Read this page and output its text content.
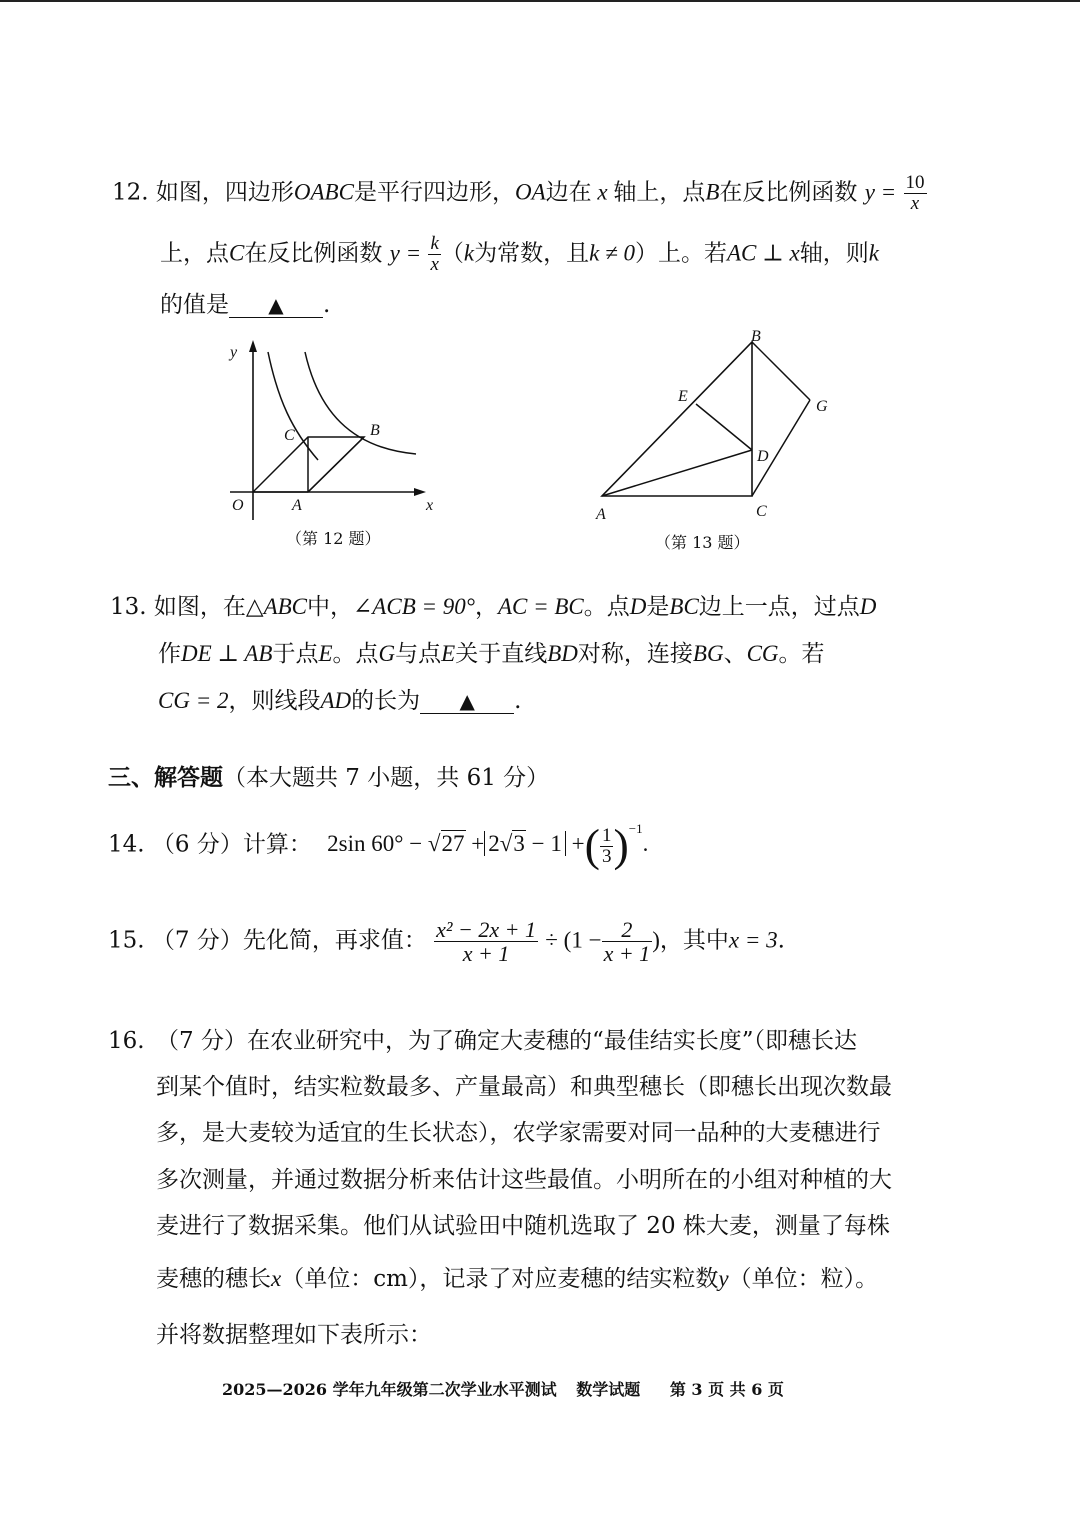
12. 如图，四边形OABC是平行四边形，OA边在 x 轴上，点B在反比例函数 $y = \frac{10}{x}$
上，点C在反比例函数 $y = \frac{k}{x} (k$为常数，且k ≠ 0）上。若AC ⊥ x轴，则k
的值是 ▲ .
y
x
O	A
B
C
（第 12 题）
B
E
G
D
A	C
（第 13 题）
13. 如图，在△ABC中，∠ACB = 90°，AC = BC。点D是BC边上一点，过点D
作DE ⊥ AB于点E。点G与点E关于直线BD对称，连接BG、CG。若
CG = 2，则线段AD的长为 ▲ .
三、解答题（本大题共 7 小题，共 61 分）
14. （6 分）计算： 2sin 60° − √27 + 2√3 − 1 +( $\frac{1}{3} )^{-1}$.
15. （7 分）先化简，再求值： $\frac{\text{x² − 2x + 1}}{x + 1} \div (1 - \frac{2}{x + 1}$ )，其中x = 3.
16. （7 分）在农业研究中，为了确定大麦穗的“最佳结实长度”（即穗长达
到某个值时，结实粒数最多、产量最高）和典型穗长（即穗长出现次数最
多，是大麦较为适宜的生长状态），农学家需要对同一品种的大麦穗进行
多次测量，并通过数据分析来估计这些最值。小明所在的小组对种植的大
麦进行了数据采集。他们从试验田中随机选取了 20 株大麦，测量了每株
麦穗的穗长x（单位：cm），记录了对应麦穗的结实粒数y（单位：粒）。
并将数据整理如下表所示：
2025—2026 学年九年级第二次学业水平测试 数学试题 第 3 页 共 6 页
